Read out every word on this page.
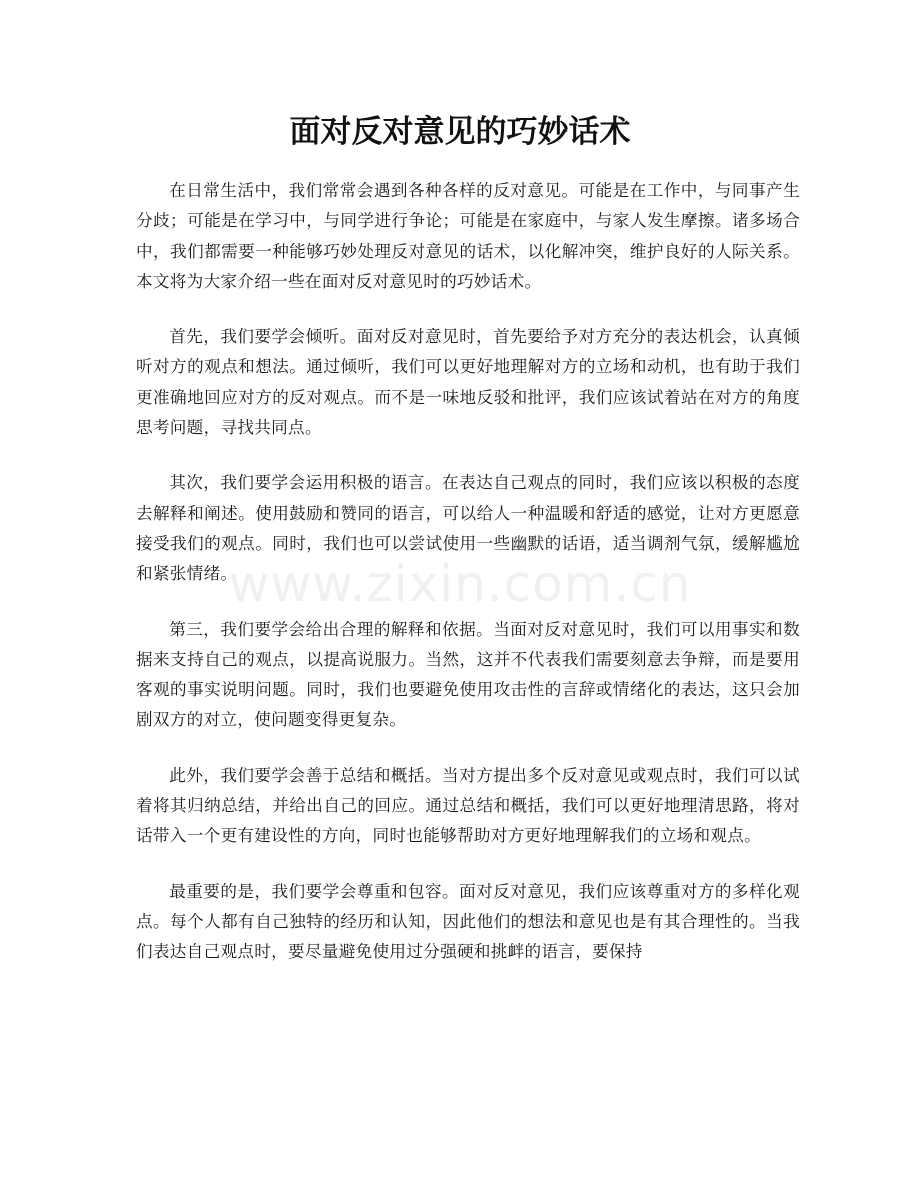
面对反对意见的巧妙话术
www.zixin.com.cn

在日常生活中，我们常常会遇到各种各样的反对意见。可能是在工作中，与同事产生分歧；可能是在学习中，与同学进行争论；可能是在家庭中，与家人发生摩擦。诸多场合中，我们都需要一种能够巧妙处理反对意见的话术，以化解冲突，维护良好的人际关系。本文将为大家介绍一些在面对反对意见时的巧妙话术。

首先，我们要学会倾听。面对反对意见时，首先要给予对方充分的表达机会，认真倾听对方的观点和想法。通过倾听，我们可以更好地理解对方的立场和动机，也有助于我们更准确地回应对方的反对观点。而不是一味地反驳和批评，我们应该试着站在对方的角度思考问题，寻找共同点。

其次，我们要学会运用积极的语言。在表达自己观点的同时，我们应该以积极的态度去解释和阐述。使用鼓励和赞同的语言，可以给人一种温暖和舒适的感觉，让对方更愿意接受我们的观点。同时，我们也可以尝试使用一些幽默的话语，适当调剂气氛，缓解尴尬和紧张情绪。

第三，我们要学会给出合理的解释和依据。当面对反对意见时，我们可以用事实和数据来支持自己的观点，以提高说服力。当然，这并不代表我们需要刻意去争辩，而是要用客观的事实说明问题。同时，我们也要避免使用攻击性的言辞或情绪化的表达，这只会加剧双方的对立，使问题变得更复杂。

此外，我们要学会善于总结和概括。当对方提出多个反对意见或观点时，我们可以试着将其归纳总结，并给出自己的回应。通过总结和概括，我们可以更好地理清思路，将对话带入一个更有建设性的方向，同时也能够帮助对方更好地理解我们的立场和观点。

最重要的是，我们要学会尊重和包容。面对反对意见，我们应该尊重对方的多样化观点。每个人都有自己独特的经历和认知，因此他们的想法和意见也是有其合理性的。当我们表达自己观点时，要尽量避免使用过分强硬和挑衅的语言，要保持
